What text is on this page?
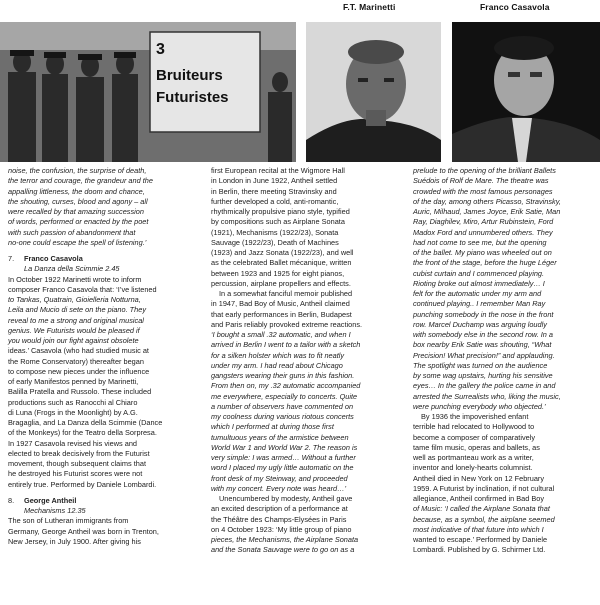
3
Bruiteurs
Futuristes
F.T. Marinetti	Franco Casavola

noise, the confusion, the surprise of death,

the terror and courage, the grandeur and the

appalling littleness, the doom and chance,

the shouting, curses, blood and agony – all

were recalled by that amazing succession

of words, performed or enacted by the poet

with such passion of abandonment that

no-one could escape the spell of listening.’

7.	Franco Casavola

La Danza della Scimmie 2.45

In October 1922 Marinetti wrote to inform

composer Franco Casavola that: ‘I’ve listened

to Tankas, Quatrain, Gioielleria Notturna,

Leila and Mucio di sete on the piano. They

reveal to me a strong and original musical

genius. We Futurists would be pleased if

you would join our fight against obsolete

ideas.’ Casavola (who had studied music at

the Rome Conservatory) thereafter began

to compose new pieces under the influence

of early Manifestos penned by Marinetti,

Balilla Pratella and Russolo. These included

productions such as Ranocchi al Chiaro

di Luna (Frogs in the Moonlight) by A.G.

Bragaglia, and La Danza della Scimmie (Dance

of the Monkeys) for the Teatro della Sorpresa.

In 1927 Casavola revised his views and

elected to break decisively from the Futurist

movement, though subsequent claims that

he destroyed his Futurist scores were not

entirely true. Performed by Daniele Lombardi.

8.	George Antheil

Mechanisms 12.35

The son of Lutheran immigrants from

Germany, George Antheil was born in Trenton,

New Jersey, in July 1900. After giving his

first European recital at the Wigmore Hall

in London in June 1922, Antheil settled

in Berlin, there meeting Stravinsky and

further developed a cold, anti-romantic,

rhythmically propulsive piano style, typified

by compositions such as Airplane Sonata

(1921), Mechanisms (1922/23), Sonata

Sauvage (1922/23), Death of Machines

(1923) and Jazz Sonata (1922/23), and well

as the celebrated Ballet mécanique, written

between 1923 and 1925 for eight pianos,

percussion, airplane propellers and effects.

In a somewhat fanciful memoir published

in 1947, Bad Boy of Music, Antheil claimed

that early performances in Berlin, Budapest

and Paris reliably provoked extreme reactions.

‘I bought a small .32 automatic, and when I

arrived in Berlin I went to a tailor with a sketch

for a silken holster which was to fit neatly

under my arm. I had read about Chicago

gangsters wearing their guns in this fashion.

From then on, my .32 automatic accompanied

me everywhere, especially to concerts. Quite

a number of observers have commented on

my coolness during various riotous concerts

which I performed at during those first

tumultuous years of the armistice between

World War 1 and World War 2. The reason is

very simple: I was armed… Without a further

word I placed my ugly little automatic on the

front desk of my Steinway, and proceeded

with my concert. Every note was heard…’

Unencumbered by modesty, Antheil gave

an excited description of a performance at

the Théâtre des Champs-Elysées in Paris

on 4 October 1923: ‘My little group of piano

pieces, the Mechanisms, the Airplane Sonata

and the Sonata Sauvage were to go on as a

prelude to the opening of the brilliant Ballets

Suédois of Rolf de Mare. The theatre was

crowded with the most famous personages

of the day, among others Picasso, Stravinsky,

Auric, Milhaud, James Joyce, Erik Satie, Man

Ray, Diaghilev, Miro, Artur Rubinstein, Ford

Madox Ford and unnumbered others. They

had not come to see me, but the opening

of the ballet. My piano was wheeled out on

the front of the stage, before the huge Léger

cubist curtain and I commenced playing.

Rioting broke out almost immediately… I

felt for the automatic under my arm and

continued playing.. I remember Man Ray

punching somebody in the nose in the front

row. Marcel Duchamp was arguing loudly

with somebody else in the second row. In a

box nearby Erik Satie was shouting, “What

Precision! What precision!” and applauding.

The spotlight was turned on the audience

by some wag upstairs, hurting his sensitive

eyes… In the gallery the police came in and

arrested the Surrealists who, liking the music,

were punching everybody who objected.’

By 1936 the impoverished enfant

terrible had relocated to Hollywood to

become a composer of comparatively

tame film music, operas and ballets, as

well as portmanteau work as a writer,

inventor and lonely-hearts columnist.

Antheil died in New York on 12 February

1959. A Futurist by inclination, if not cultural

allegiance, Antheil confirmed in Bad Boy

of Music: ‘I called the Airplane Sonata that

because, as a symbol, the airplane seemed

most indicative of that future into which I

wanted to escape.’ Performed by Daniele

Lombardi. Published by G. Schirmer Ltd.
